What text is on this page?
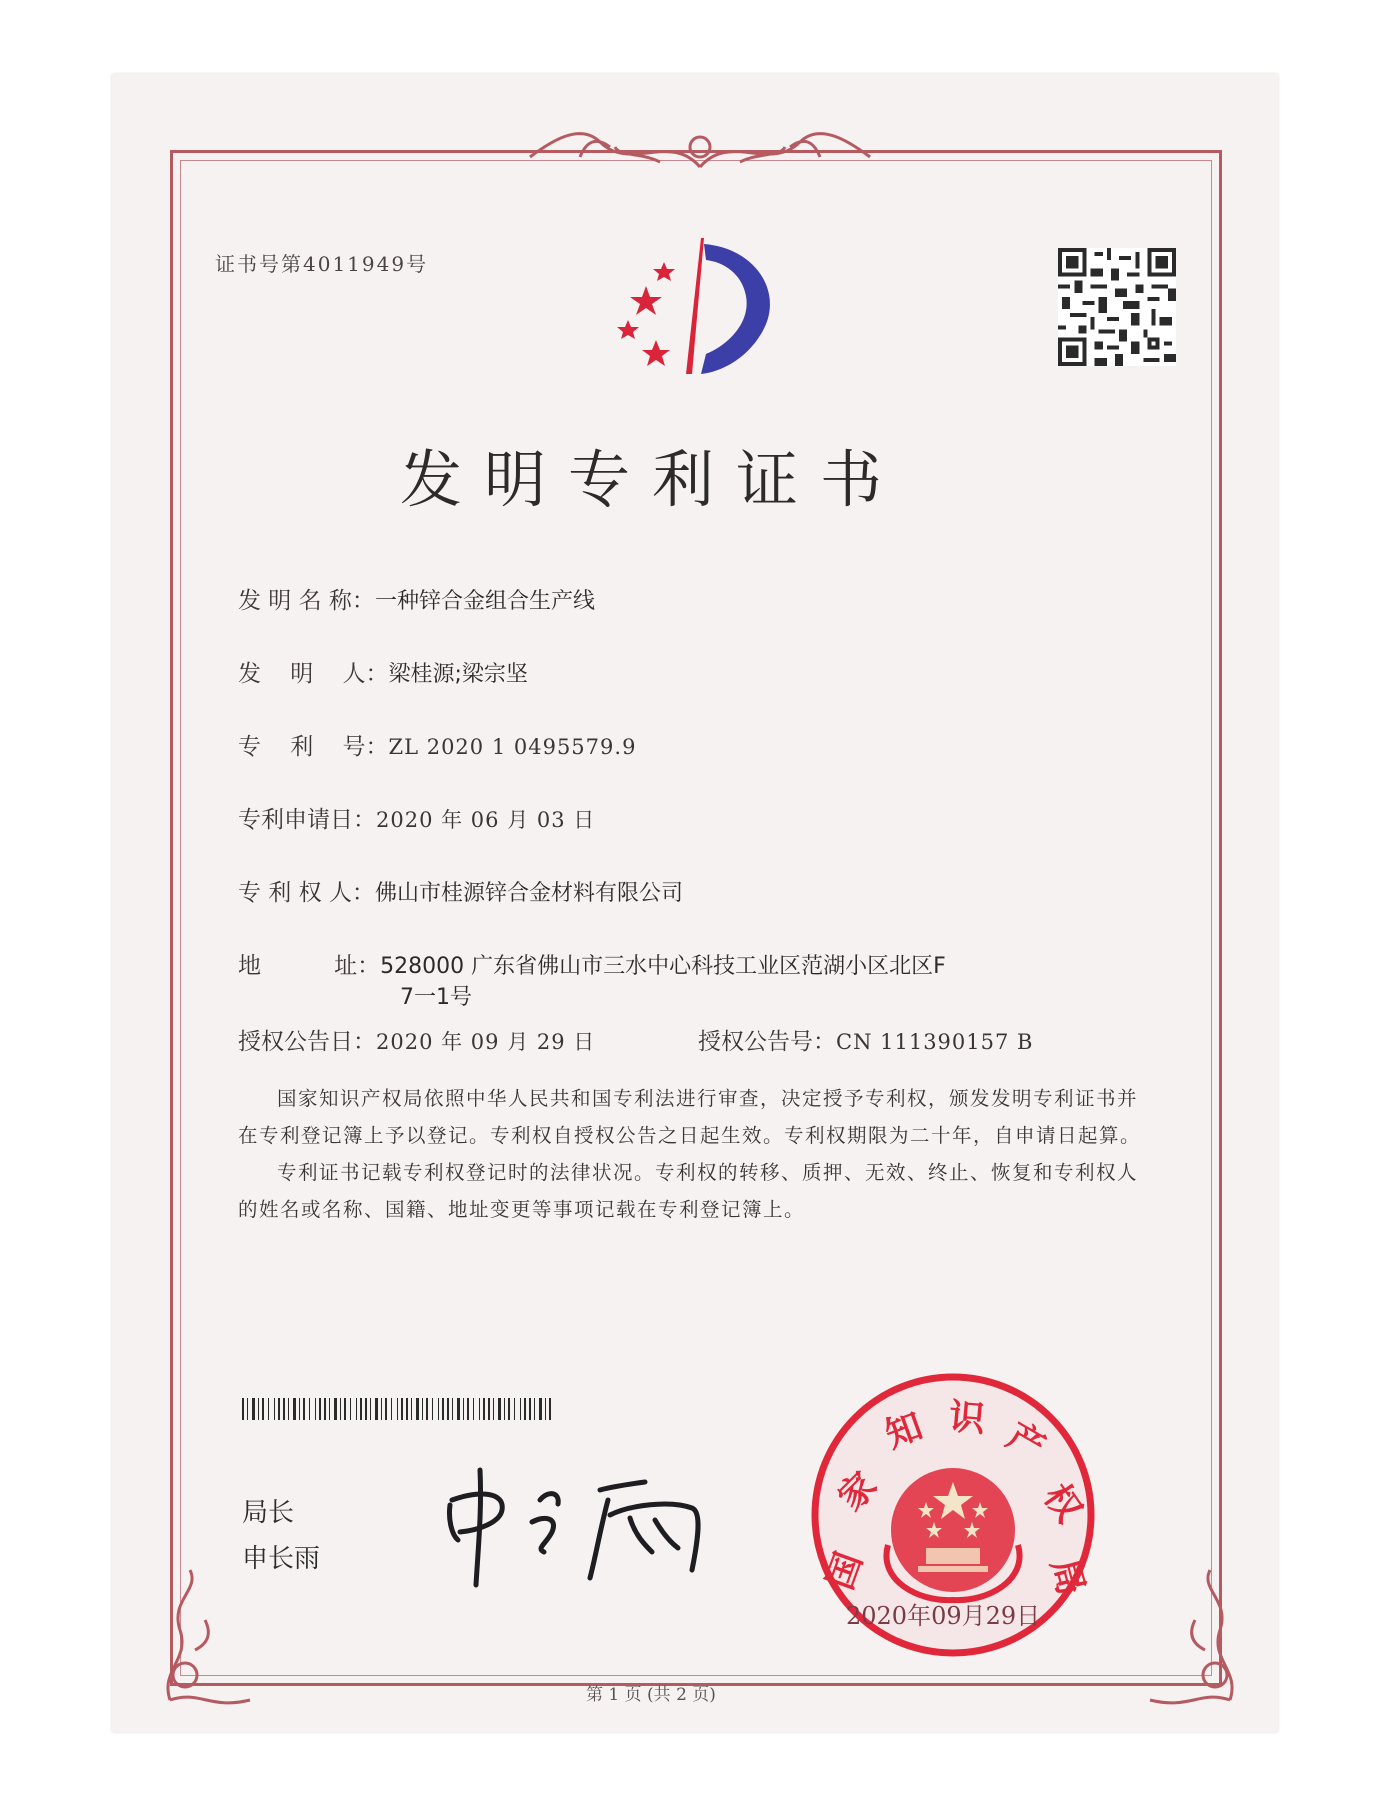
证书号第4011949号
发明专利证书
发 明 名 称：一种锌合金组合生产线
发    明    人：梁桂源;梁宗坚
专    利    号：ZL 2020 1 0495579.9
专利申请日：2020 年 06 月 03 日
专 利 权 人：佛山市桂源锌合金材料有限公司
地          址：528000 广东省佛山市三水中心科技工业区范湖小区北区F
7一1号
授权公告日：2020 年 09 月 29 日	授权公告号：CN 111390157 B

国家知识产权局依照中华人民共和国专利法进行审查，决定授予专利权，颁发发明专利证书并在专利登记簿上予以登记。专利权自授权公告之日起生效。专利权期限为二十年，自申请日起算。

专利证书记载专利权登记时的法律状况。专利权的转移、质押、无效、终止、恢复和专利权人的姓名或名称、国籍、地址变更等事项记载在专利登记簿上。

局长
申长雨	国
家
知 识 产
权
局
2020年09月29日
第 1 页 (共 2 页)
